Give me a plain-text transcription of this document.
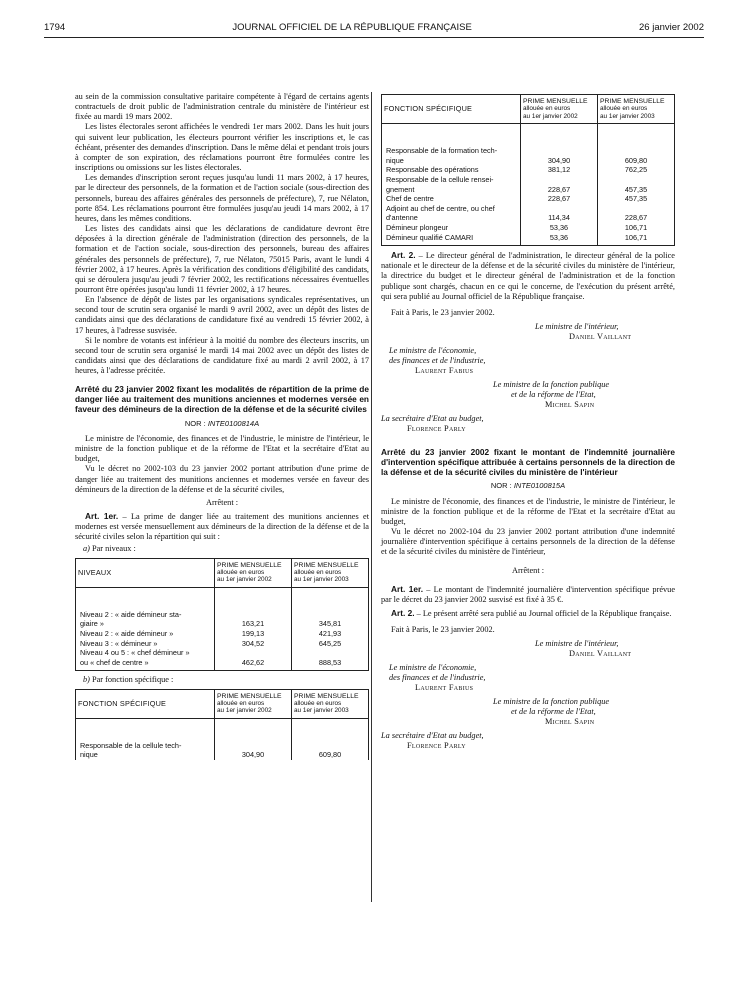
1794	JOURNAL OFFICIEL DE LA RÉPUBLIQUE FRANÇAISE	26 janvier 2002

au sein de la commission consultative paritaire compétente à l'égard de certains agents contractuels de droit public de l'administration centrale du ministère de l'intérieur est fixée au mardi 19 mars 2002.

Les listes électorales seront affichées le vendredi 1er mars 2002. Dans les huit jours qui suivent leur publication, les électeurs pourront vérifier les inscriptions et, le cas échéant, présenter des demandes d'inscription. Dans le même délai et pendant trois jours à compter de son expiration, des réclamations pourront être formulées contre les inscriptions ou omissions sur les listes électorales.

Les demandes d'inscription seront reçues jusqu'au lundi 11 mars 2002, à 17 heures, par le directeur des personnels, de la formation et de l'action sociale (sous-direction des personnels, bureau des affaires générales des personnels de préfecture), 7, rue Nélaton, porte 854. Les réclamations pourront être formulées jusqu'au jeudi 14 mars 2002, à 17 heures, dans les mêmes conditions.

Les listes des candidats ainsi que les déclarations de candidature devront être déposées à la direction générale de l'administration (direction des personnels, de la formation et de l'action sociale, sous-direction des personnels, bureau des affaires générales des personnels de préfecture), 7, rue Nélaton, 75015 Paris, avant le lundi 4 février 2002, à 17 heures. Après la vérification des conditions d'éligibilité des candidats, qui se déroulera jusqu'au jeudi 7 février 2002, les rectifications nécessaires éventuelles pourront être opérées jusqu'au lundi 11 février 2002, à 17 heures.

En l'absence de dépôt de listes par les organisations syndicales représentatives, un second tour de scrutin sera organisé le mardi 9 avril 2002, avec un dépôt des listes de candidats ainsi que des déclarations de candidature fixé au vendredi 15 février 2002, à 17 heures, à l'adresse susvisée.

Si le nombre de votants est inférieur à la moitié du nombre des électeurs inscrits, un second tour de scrutin sera organisé le mardi 14 mai 2002 avec un dépôt des listes de candidats ainsi que des déclarations de candidature fixé au mardi 2 avril 2002, à 17 heures, à l'adresse précitée.

Arrêté du 23 janvier 2002 fixant les modalités de répartition de la prime de danger liée au traitement des munitions anciennes et modernes versée en faveur des démineurs de la direction de la défense et de la sécurité civiles

NOR : INTE0100814A

Le ministre de l'économie, des finances et de l'industrie, le ministre de l'intérieur, le ministre de la fonction publique et de la réforme de l'Etat et la secrétaire d'Etat au budget,

Vu le décret no 2002-103 du 23 janvier 2002 portant attribution d'une prime de danger liée au traitement des munitions anciennes et modernes versée en faveur des démineurs de la direction de la défense et de la sécurité civiles,

Arrêtent :

Art. 1er. – La prime de danger liée au traitement des munitions anciennes et modernes est versée mensuellement aux démineurs de la direction de la défense et de la sécurité civiles selon la répartition qui suit :

a) Par niveaux :

NIVEAUX	PRIME MENSUELLE
allouée en euros
au 1er janvier 2002	PRIME MENSUELLE
allouée en euros
au 1er janvier 2003

Niveau 2 : « aide démineur sta-
giaire »	163,21	345,81
Niveau 2 : « aide démineur »	199,13	421,93
Niveau 3 : « démineur »	304,52	645,25

Niveau 4 ou 5 : « chef démineur »
ou « chef de centre »	462,62	888,53

b) Par fonction spécifique :

FONCTION SPÉCIFIQUE	PRIME MENSUELLE
allouée en euros
au 1er janvier 2002	PRIME MENSUELLE
allouée en euros
au 1er janvier 2003

Responsable de la cellule tech-
nique	304,90	609,80
FONCTION SPÉCIFIQUE	PRIME MENSUELLE
allouée en euros
au 1er janvier 2002	PRIME MENSUELLE
allouée en euros
au 1er janvier 2003

Responsable de la formation tech-
nique	304,90	609,80
Responsable des opérations	381,12	762,25

Responsable de la cellule rensei-
gnement	228,67	457,35
Chef de centre	228,67	457,35

Adjoint au chef de centre, ou chef
d'antenne	114,34	228,67
Démineur plongeur	53,36	106,71
Démineur qualifié CAMARI	53,36	106,71

Art. 2. – Le directeur général de l'administration, le directeur général de la police nationale et le directeur de la défense et de la sécurité civiles du ministère de l'intérieur, la directrice du budget et le directeur général de l'administration et de la fonction publique sont chargés, chacun en ce qui le concerne, de l'exécution du présent arrêté, qui sera publié au Journal officiel de la République française.

Fait à Paris, le 23 janvier 2002.

Le ministre de l'intérieur,
Daniel Vaillant
Le ministre de l'économie,
des finances et de l'industrie,
Laurent Fabius
Le ministre de la fonction publique
et de la réforme de l'Etat,
Michel Sapin
La secrétaire d'Etat au budget,
Florence Parly

Arrêté du 23 janvier 2002 fixant le montant de l'indemnité journalière d'intervention spécifique attribuée à certains personnels de la direction de la défense et de la sécurité civiles du ministère de l'intérieur

NOR : INTE0100815A

Le ministre de l'économie, des finances et de l'industrie, le ministre de l'intérieur, le ministre de la fonction publique et de la réforme de l'Etat et la secrétaire d'Etat au budget,

Vu le décret no 2002-104 du 23 janvier 2002 portant attribution d'une indemnité journalière d'intervention spécifique à certains personnels de la direction de la défense et de la sécurité civiles du ministère de l'intérieur,

Arrêtent :

Art. 1er. – Le montant de l'indemnité journalière d'intervention spécifique prévue par le décret du 23 janvier 2002 susvisé est fixé à 35 €.

Art. 2. – Le présent arrêté sera publié au Journal officiel de la République française.

Fait à Paris, le 23 janvier 2002.

Le ministre de l'intérieur,
Daniel Vaillant
Le ministre de l'économie,
des finances et de l'industrie,
Laurent Fabius
Le ministre de la fonction publique
et de la réforme de l'Etat,
Michel Sapin
La secrétaire d'Etat au budget,
Florence Parly
